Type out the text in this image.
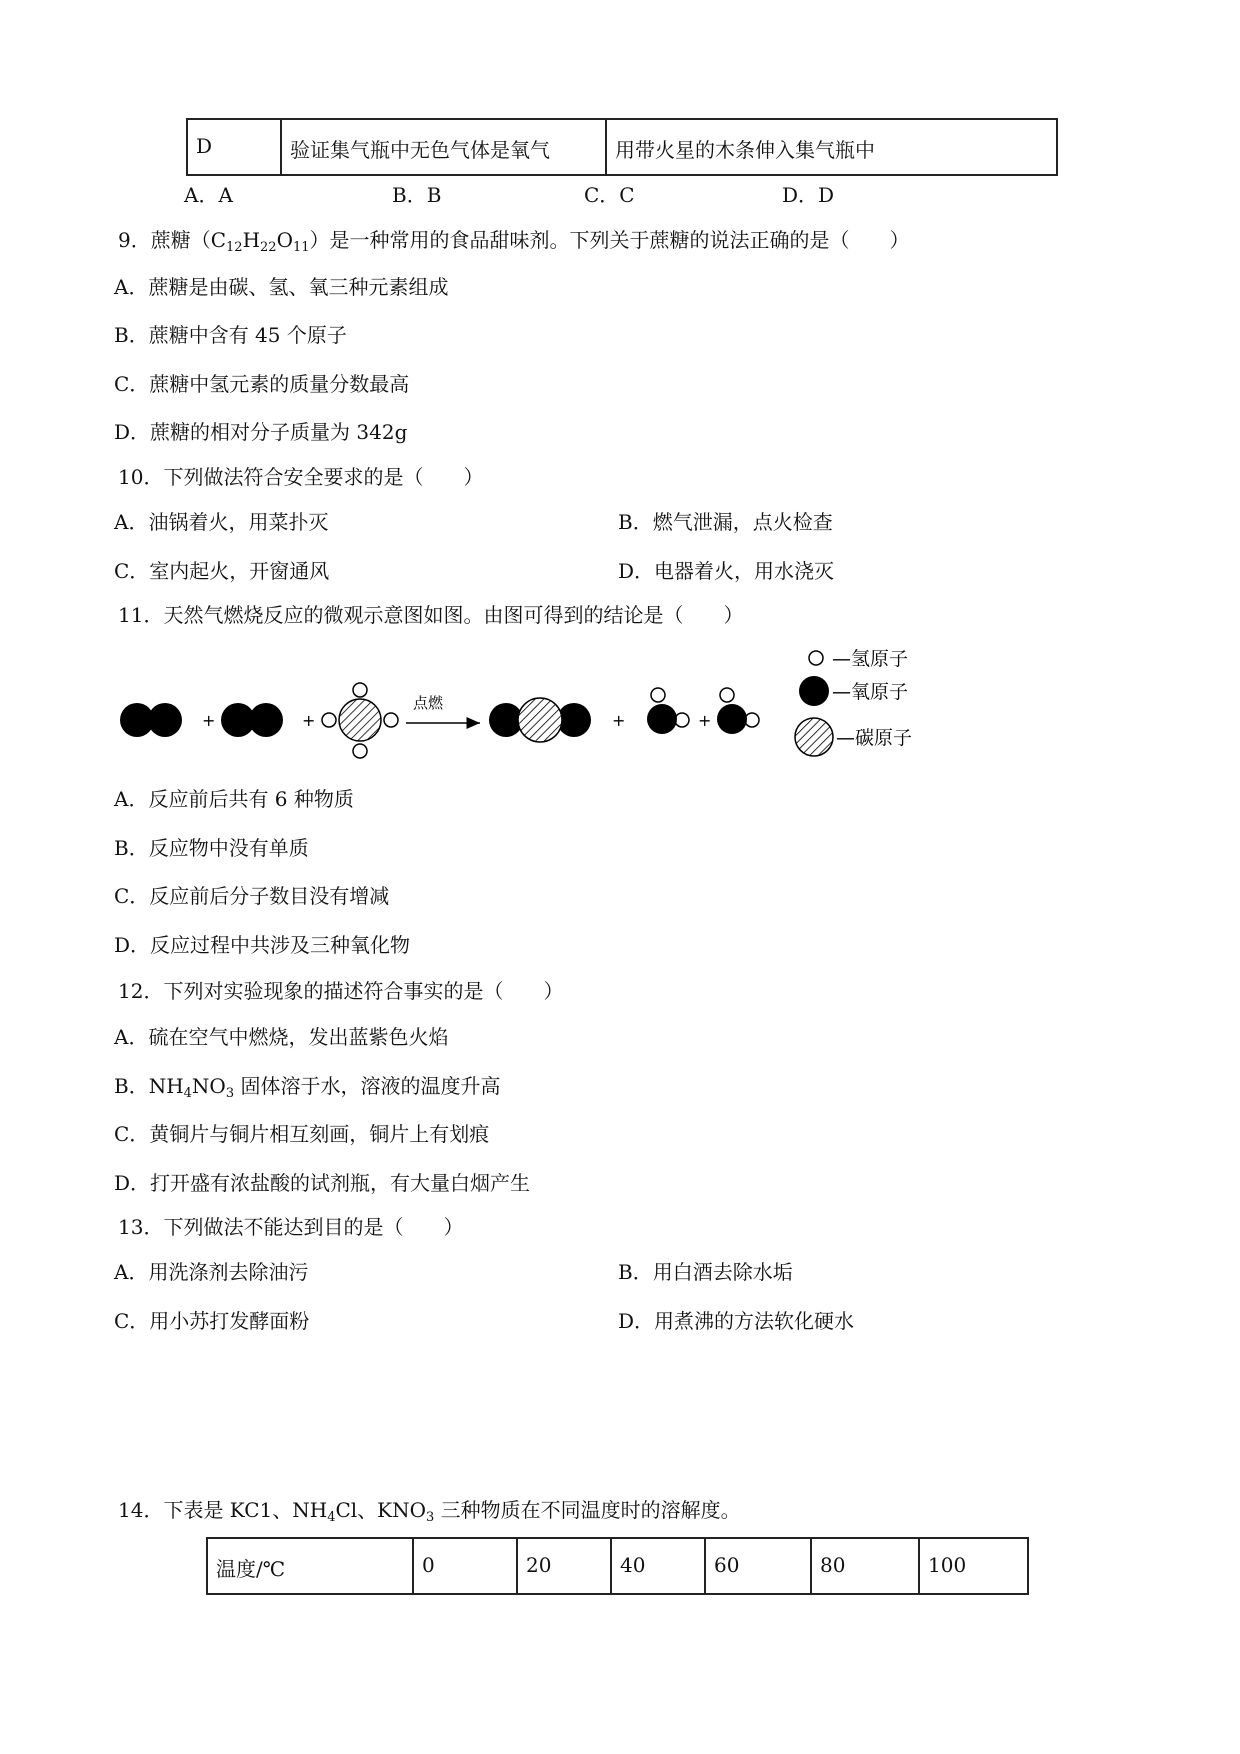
D	验证集气瓶中无色气体是氧气	用带火星的木条伸入集气瓶中
A．A	B．B	C．C	D．D
9．蔗糖$(C_{12}H_{22}O_{11})$是一种常用的食品甜味剂。下列关于蔗糖的说法正确的是（　　）
A．蔗糖是由碳、氢、氧三种元素组成
B．蔗糖中含有 45 个原子
C．蔗糖中氢元素的质量分数最高
D．蔗糖的相对分子质量为 342g
10．下列做法符合安全要求的是（　　）
A．油锅着火，用菜扑灭	B．燃气泄漏，点火检查
C．室内起火，开窗通风	D．电器着火，用水浇灭
11．天然气燃烧反应的微观示意图如图。由图可得到的结论是（　　）
+	+
点燃
+	+
—氢原子
—氧原子
—碳原子
A．反应前后共有 6 种物质
B．反应物中没有单质
C．反应前后分子数目没有增减
D．反应过程中共涉及三种氧化物
12．下列对实验现象的描述符合事实的是（　　）
A．硫在空气中燃烧，发出蓝紫色火焰
B．$NH_4NO_3$ 固体溶于水，溶液的温度升高
C．黄铜片与铜片相互刻画，铜片上有划痕
D．打开盛有浓盐酸的试剂瓶，有大量白烟产生
13．下列做法不能达到目的是（　　）
A．用洗涤剂去除油污	B．用白酒去除水垢
C．用小苏打发酵面粉	D．用煮沸的方法软化硬水
14．下表是 KC1、$NH_4Cl$、$KNO_3$ 三种物质在不同温度时的溶解度。
温度/℃	0	20	40	60	80	100
